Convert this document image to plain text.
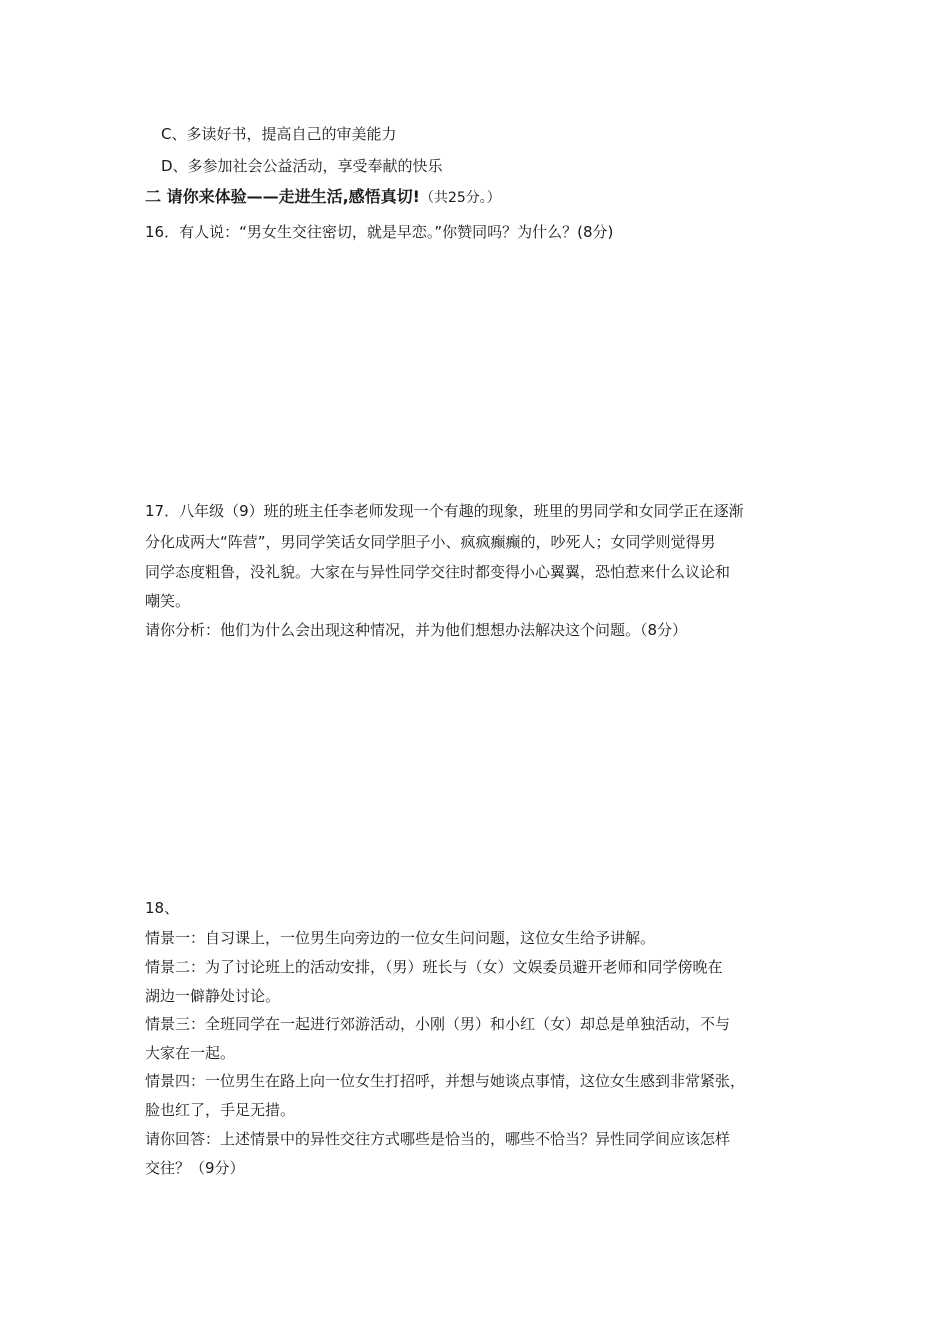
C、多读好书，提高自己的审美能力
D、多参加社会公益活动，享受奉献的快乐
二 请你来体验——走进生活,感悟真切!（共25分。）
16．有人说：“男女生交往密切，就是早恋。”你赞同吗？为什么？(8分)
17．八年级（9）班的班主任李老师发现一个有趣的现象，班里的男同学和女同学正在逐渐
分化成两大“阵营”，男同学笑话女同学胆子小、疯疯癫癫的，吵死人；女同学则觉得男
同学态度粗鲁，没礼貌。大家在与异性同学交往时都变得小心翼翼，恐怕惹来什么议论和
嘲笑。
请你分析：他们为什么会出现这种情况，并为他们想想办法解决这个问题。（8分）
18、
情景一：自习课上，一位男生向旁边的一位女生问问题，这位女生给予讲解。
情景二：为了讨论班上的活动安排，（男）班长与（女）文娱委员避开老师和同学傍晚在
湖边一僻静处讨论。
情景三：全班同学在一起进行郊游活动，小刚（男）和小红（女）却总是单独活动，不与
大家在一起。
情景四：一位男生在路上向一位女生打招呼，并想与她谈点事情，这位女生感到非常紧张，
脸也红了，手足无措。
请你回答：上述情景中的异性交往方式哪些是恰当的，哪些不恰当？异性同学间应该怎样
交往？（9分）
